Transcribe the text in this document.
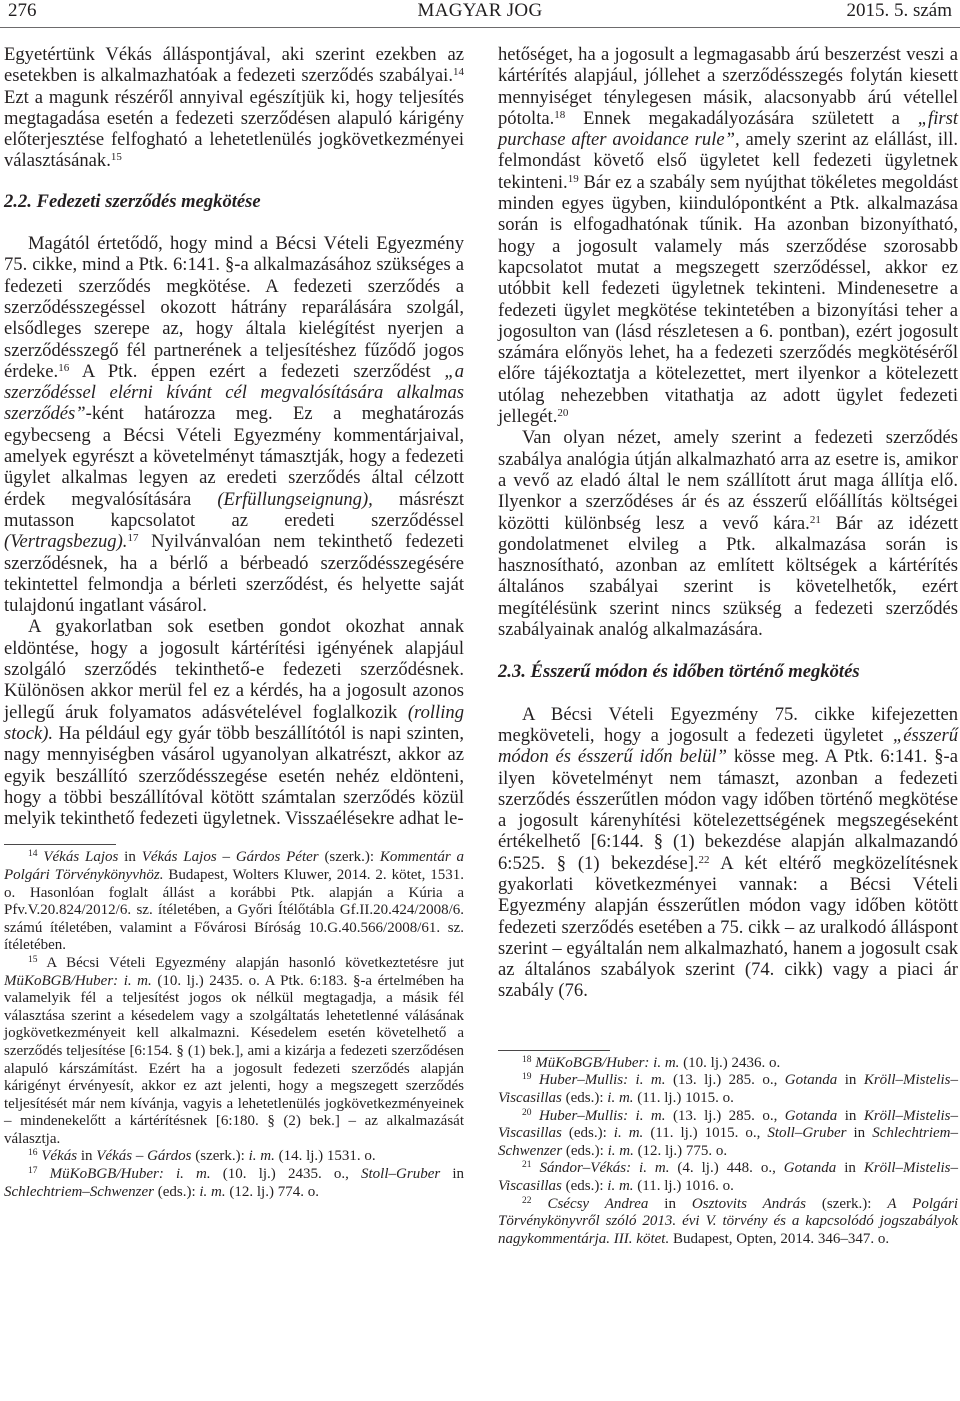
276	MAGYAR JOG	2015. 5. szám

Egyetértünk Vékás álláspontjával, aki szerint ezekben az esetekben is alkalmazhatóak a fedezeti szerződés szabályai.$^{14}$ Ezt a magunk részéről annyival egészítjük ki, hogy teljesítés megtagadása esetén a fedezeti szerződésen alapuló kárigény előterjesztése felfogható a lehetetlenülés jogkövetkezményei választásának.$^{15}$

2.2. Fedezeti szerződés megkötése

Magától értetődő, hogy mind a Bécsi Vételi Egyezmény 75. cikke, mind a Ptk. 6:141. §-a alkalmazásához szükséges a fedezeti szerződés megkötése. A fedezeti szerződés a szerződésszegéssel okozott hátrány reparálására szolgál, elsődleges szerepe az, hogy általa kielégítést nyerjen a szerződésszegő fél partnerének a teljesítéshez fűződő jogos érdeke.$^{16}$ A Ptk. éppen ezért a fedezeti szerződést „a szerződéssel elérni kívánt cél megvalósítására alkalmas szerződés”-ként határozza meg. Ez a meghatározás egybecseng a Bécsi Vételi Egyezmény kommentárjaival, amelyek egyrészt a követelményt támasztják, hogy a fedezeti ügylet alkalmas legyen az eredeti szerződés által célzott érdek megvalósítására (Erfüllungseignung), másrészt mutasson kapcsolatot az eredeti szerződéssel (Vertragsbezug).$^{17}$ Nyilvánvalóan nem tekinthető fedezeti szerződésnek, ha a bérlő a bérbeadó szerződésszegésére tekintettel felmondja a bérleti szerződést, és helyette saját tulajdonú ingatlant vásárol.

A gyakorlatban sok esetben gondot okozhat annak eldöntése, hogy a jogosult kártérítési igényének alapjául szolgáló szerződés tekinthető-e fedezeti szerződésnek. Különösen akkor merül fel ez a kérdés, ha a jogosult azonos jellegű áruk folyamatos adásvételével foglalkozik (rolling stock). Ha például egy gyár több beszállítótól is napi szinten, nagy mennyiségben vásárol ugyanolyan alkatrészt, akkor az egyik beszállító szerződésszegése esetén nehéz eldönteni, hogy a többi beszállítóval kötött számtalan szerződés közül melyik tekinthető fedezeti ügyletnek. Visszaélésekre adhat le-

$^{14}$ Vékás Lajos in Vékás Lajos – Gárdos Péter (szerk.): Kommentár a Polgári Törvénykönyvhöz. Budapest, Wolters Kluwer, 2014. 2. kötet, 1531. o. Hasonlóan foglalt állást a korábbi Ptk. alapján a Kúria a Pfv.V.20.824/2012/6. sz. ítéletében, a Győri Ítélőtábla Gf.II.20.424/2008/6. számú ítéletében, valamint a Fővárosi Bíróság 10.G.40.566/2008/61. sz. ítéletében.

$^{15}$ A Bécsi Vételi Egyezmény alapján hasonló következtetésre jut MüKoBGB/Huber: i. m. (10. lj.) 2435. o. A Ptk. 6:183. §-a értelmében ha valamelyik fél a teljesítést jogos ok nélkül megtagadja, a másik fél választása szerint a késedelem vagy a szolgáltatás lehetetlenné válásának jogkövetkezményeit kell alkalmazni. Késedelem esetén követelhető a szerződés teljesítése [6:154. § (1) bek.], ami a kizárja a fedezeti szerződésen alapuló kárszámítást. Ezért ha a jogosult fedezeti szerződés alapján kárigényt érvényesít, akkor ez azt jelenti, hogy a megszegett szerződés teljesítését már nem kívánja, vagyis a lehetetlenülés jogkövetkezményeinek – mindenekelőtt a kártérítésnek [6:180. § (2) bek.] – az alkalmazását választja.

$^{16}$ Vékás in Vékás – Gárdos (szerk.): i. m. (14. lj.) 1531. o.

$^{17}$ MüKoBGB/Huber: i. m. (10. lj.) 2435. o., Stoll–Gruber in Schlechtriem–Schwenzer (eds.): i. m. (12. lj.) 774. o.

hetőséget, ha a jogosult a legmagasabb árú beszerzést veszi a kártérítés alapjául, jóllehet a szerződésszegés folytán kiesett mennyiséget ténylegesen másik, alacsonyabb árú vétellel pótolta.$^{18}$ Ennek megakadályozására született a „first purchase after avoidance rule”, amely szerint az elállást, ill. felmondást követő első ügyletet kell fedezeti ügyletnek tekinteni.$^{19}$ Bár ez a szabály sem nyújthat tökéletes megoldást minden egyes ügyben, kiindulópontként a Ptk. alkalmazása során is elfogadhatónak tűnik. Ha azonban bizonyítható, hogy a jogosult valamely más szerződése szorosabb kapcsolatot mutat a megszegett szerződéssel, akkor ez utóbbit kell fedezeti ügyletnek tekinteni. Mindenesetre a fedezeti ügylet megkötése tekintetében a bizonyítási teher a jogosulton van (lásd részletesen a 6. pontban), ezért jogosult számára előnyös lehet, ha a fedezeti szerződés megkötéséről előre tájékoztatja a kötelezettet, mert ilyenkor a kötelezett utólag nehezebben vitathatja az adott ügylet fedezeti jellegét.$^{20}$

Van olyan nézet, amely szerint a fedezeti szerződés szabálya analógia útján alkalmazható arra az esetre is, amikor a vevő az eladó által le nem szállított árut maga állítja elő. Ilyenkor a szerződéses ár és az ésszerű előállítás költségei közötti különbség lesz a vevő kára.$^{21}$ Bár az idézett gondolatmenet elvileg a Ptk. alkalmazása során is hasznosítható, azonban az említett költségek a kártérítés általános szabályai szerint is követelhetők, ezért megítélésünk szerint nincs szükség a fedezeti szerződés szabályainak analóg alkalmazására.

2.3. Ésszerű módon és időben történő megkötés

A Bécsi Vételi Egyezmény 75. cikke kifejezetten megköveteli, hogy a jogosult a fedezeti ügyletet „ésszerű módon és ésszerű időn belül” kösse meg. A Ptk. 6:141. §-a ilyen követelményt nem támaszt, azonban a fedezeti szerződés ésszerűtlen módon vagy időben történő megkötése a jogosult kárenyhítési kötelezettségének megszegéseként értékelhető [6:144. § (1) bekezdése alapján alkalmazandó 6:525. § (1) bekezdése].$^{22}$ A két eltérő megközelítésnek gyakorlati következményei vannak: a Bécsi Vételi Egyezmény alapján ésszerűtlen módon vagy időben kötött fedezeti szerződés esetében a 75. cikk – az uralkodó álláspont szerint – egyáltalán nem alkalmazható, hanem a jogosult csak az általános szabályok szerint (74. cikk) vagy a piaci ár szabály (76.

$^{18}$ MüKoBGB/Huber: i. m. (10. lj.) 2436. o.

$^{19}$ Huber–Mullis: i. m. (13. lj.) 285. o., Gotanda in Kröll–Mistelis–Viscasillas (eds.): i. m. (11. lj.) 1015. o.

$^{20}$ Huber–Mullis: i. m. (13. lj.) 285. o., Gotanda in Kröll–Mistelis–Viscasillas (eds.): i. m. (11. lj.) 1015. o., Stoll–Gruber in Schlechtriem–Schwenzer (eds.): i. m. (12. lj.) 775. o.

$^{21}$ Sándor–Vékás: i. m. (4. lj.) 448. o., Gotanda in Kröll–Mistelis–Viscasillas (eds.): i. m. (11. lj.) 1016. o.

$^{22}$ Csécsy Andrea in Osztovits András (szerk.): A Polgári Törvénykönyvről szóló 2013. évi V. törvény és a kapcsolódó jogszabályok nagykommentárja. III. kötet. Budapest, Opten, 2014. 346–347. o.
